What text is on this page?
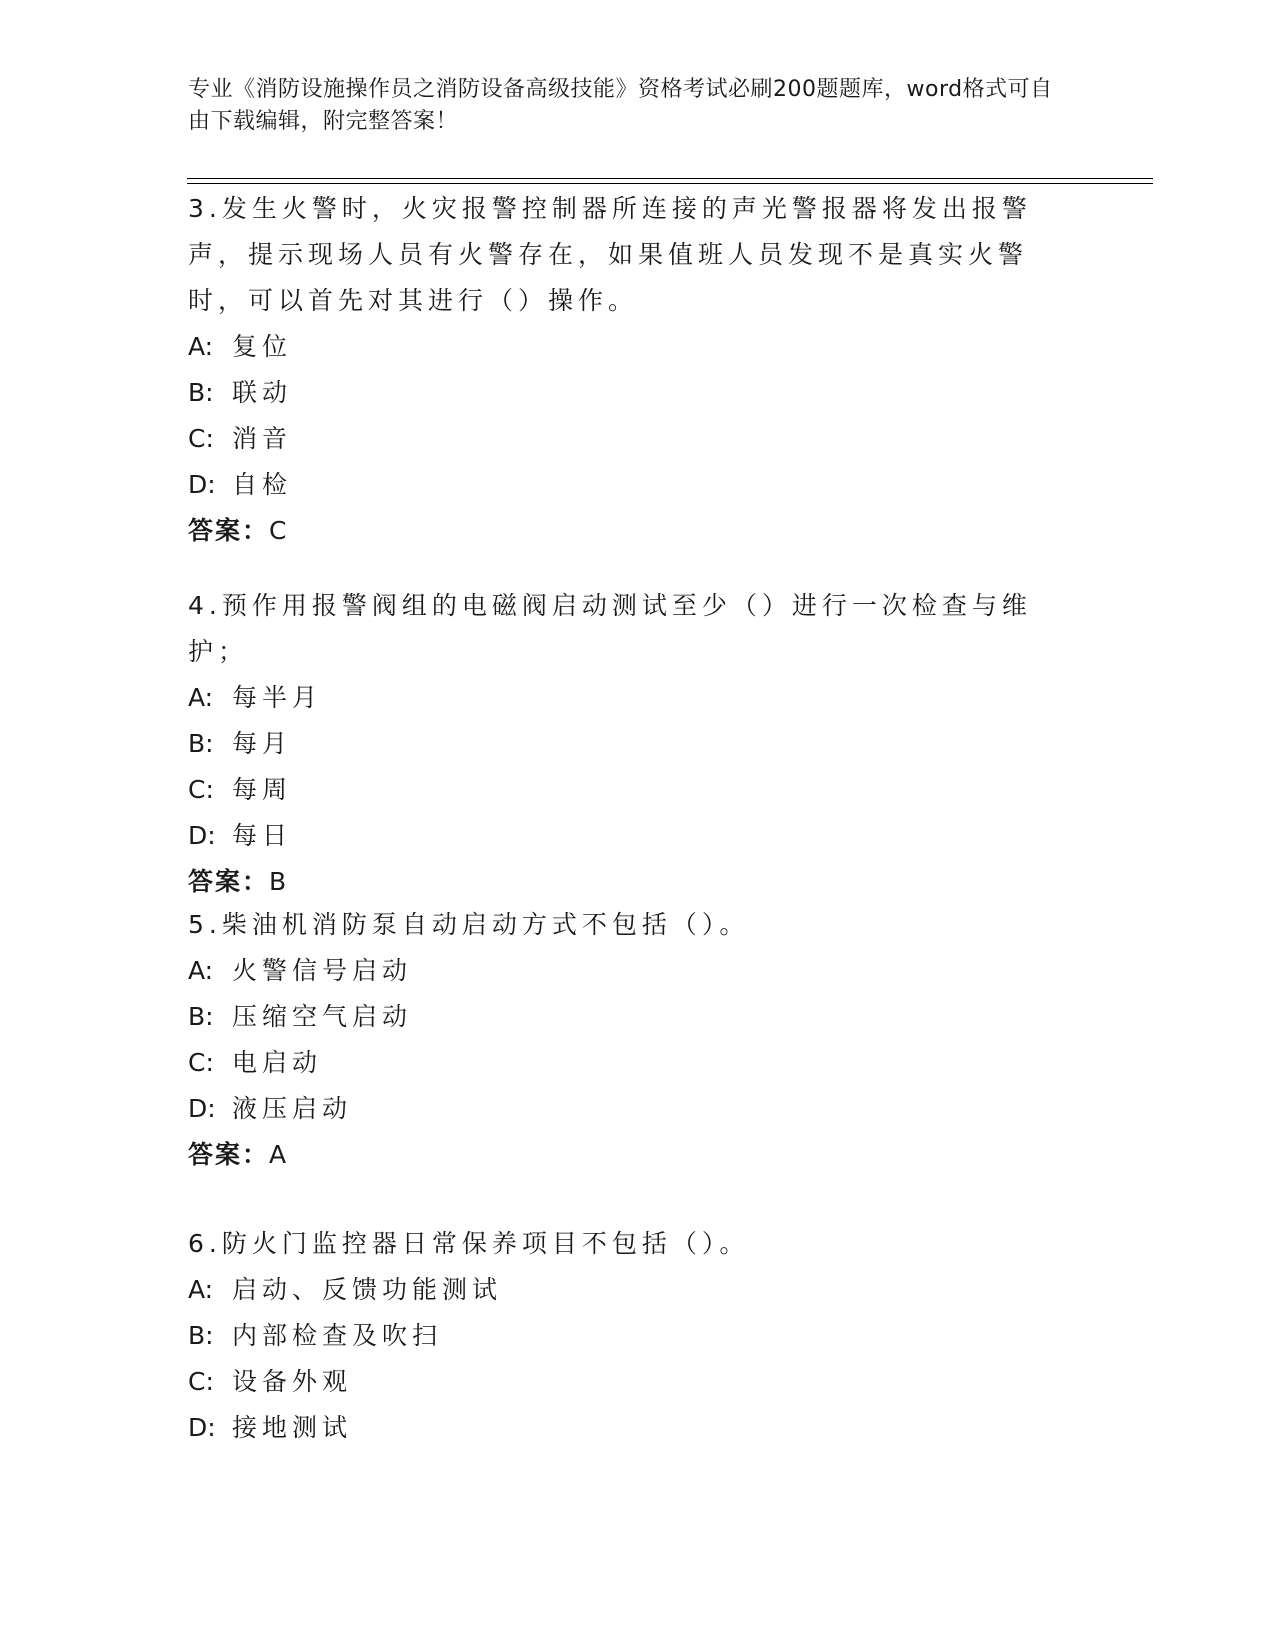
专业《消防设施操作员之消防设备高级技能》资格考试必刷200题题库，word格式可自由下载编辑，附完整答案！

3.发生火警时，火灾报警控制器所连接的声光警报器将发出报警声，提示现场人员有火警存在，如果值班人员发现不是真实火警时，可以首先对其进行（）操作。

A: 复位
B: 联动
C: 消音
D: 自检
答案：C

4.预作用报警阀组的电磁阀启动测试至少（）进行一次检查与维护；

A: 每半月
B: 每月
C: 每周
D: 每日
答案：B

5.柴油机消防泵自动启动方式不包括（）。

A: 火警信号启动
B: 压缩空气启动
C: 电启动
D: 液压启动
答案：A

6.防火门监控器日常保养项目不包括（）。

A: 启动、反馈功能测试
B: 内部检查及吹扫
C: 设备外观
D: 接地测试
